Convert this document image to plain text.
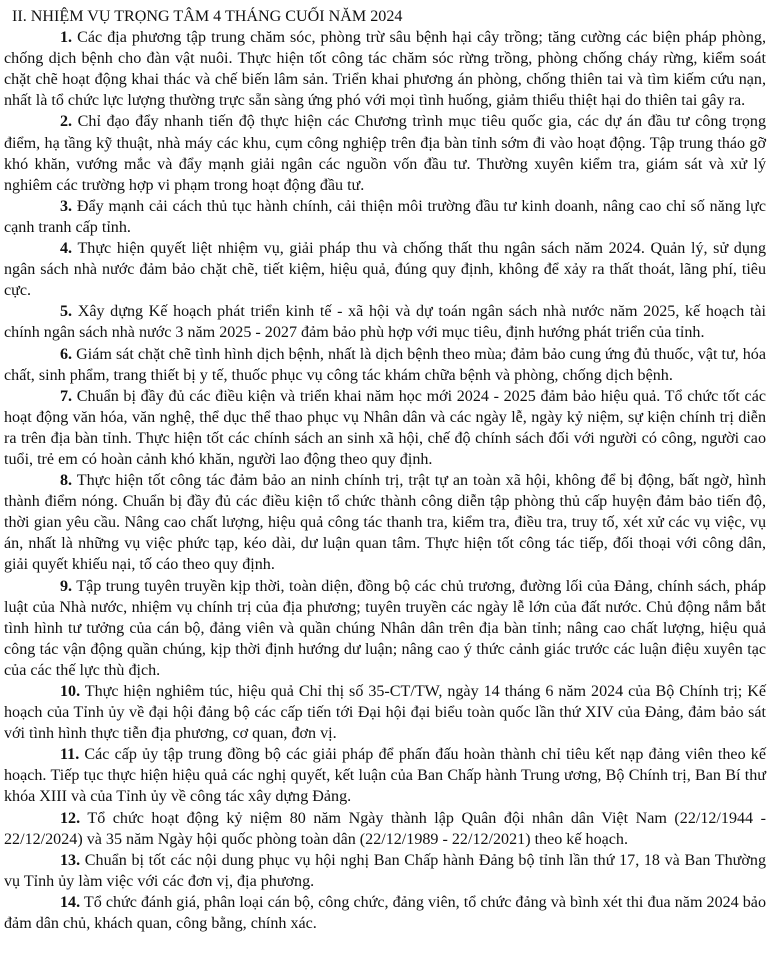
II. NHIỆM VỤ TRỌNG TÂM 4 THÁNG CUỐI NĂM 2024

1. Các địa phương tập trung chăm sóc, phòng trừ sâu bệnh hại cây trồng; tăng cường các biện pháp phòng, chống dịch bệnh cho đàn vật nuôi. Thực hiện tốt công tác chăm sóc rừng trồng, phòng chống cháy rừng, kiểm soát chặt chẽ hoạt động khai thác và chế biến lâm sản. Triển khai phương án phòng, chống thiên tai và tìm kiếm cứu nạn, nhất là tổ chức lực lượng thường trực sẵn sàng ứng phó với mọi tình huống, giảm thiểu thiệt hại do thiên tai gây ra.

2. Chỉ đạo đẩy nhanh tiến độ thực hiện các Chương trình mục tiêu quốc gia, các dự án đầu tư công trọng điểm, hạ tầng kỹ thuật, nhà máy các khu, cụm công nghiệp trên địa bàn tỉnh sớm đi vào hoạt động. Tập trung tháo gỡ khó khăn, vướng mắc và đẩy mạnh giải ngân các nguồn vốn đầu tư. Thường xuyên kiểm tra, giám sát và xử lý nghiêm các trường hợp vi phạm trong hoạt động đầu tư.

3. Đẩy mạnh cải cách thủ tục hành chính, cải thiện môi trường đầu tư kinh doanh, nâng cao chỉ số năng lực cạnh tranh cấp tỉnh.

4. Thực hiện quyết liệt nhiệm vụ, giải pháp thu và chống thất thu ngân sách năm 2024. Quản lý, sử dụng ngân sách nhà nước đảm bảo chặt chẽ, tiết kiệm, hiệu quả, đúng quy định, không để xảy ra thất thoát, lãng phí, tiêu cực.

5. Xây dựng Kế hoạch phát triển kinh tế - xã hội và dự toán ngân sách nhà nước năm 2025, kế hoạch tài chính ngân sách nhà nước 3 năm 2025 - 2027 đảm bảo phù hợp với mục tiêu, định hướng phát triển của tỉnh.

6. Giám sát chặt chẽ tình hình dịch bệnh, nhất là dịch bệnh theo mùa; đảm bảo cung ứng đủ thuốc, vật tư, hóa chất, sinh phẩm, trang thiết bị y tế, thuốc phục vụ công tác khám chữa bệnh và phòng, chống dịch bệnh.

7. Chuẩn bị đầy đủ các điều kiện và triển khai năm học mới 2024 - 2025 đảm bảo hiệu quả. Tổ chức tốt các hoạt động văn hóa, văn nghệ, thể dục thể thao phục vụ Nhân dân và các ngày lễ, ngày kỷ niệm, sự kiện chính trị diễn ra trên địa bàn tỉnh. Thực hiện tốt các chính sách an sinh xã hội, chế độ chính sách đối với người có công, người cao tuổi, trẻ em có hoàn cảnh khó khăn, người lao động theo quy định.

8. Thực hiện tốt công tác đảm bảo an ninh chính trị, trật tự an toàn xã hội, không để bị động, bất ngờ, hình thành điểm nóng. Chuẩn bị đầy đủ các điều kiện tổ chức thành công diễn tập phòng thủ cấp huyện đảm bảo tiến độ, thời gian yêu cầu. Nâng cao chất lượng, hiệu quả công tác thanh tra, kiểm tra, điều tra, truy tố, xét xử các vụ việc, vụ án, nhất là những vụ việc phức tạp, kéo dài, dư luận quan tâm. Thực hiện tốt công tác tiếp, đối thoại với công dân, giải quyết khiếu nại, tố cáo theo quy định.

9. Tập trung tuyên truyền kịp thời, toàn diện, đồng bộ các chủ trương, đường lối của Đảng, chính sách, pháp luật của Nhà nước, nhiệm vụ chính trị của địa phương; tuyên truyền các ngày lễ lớn của đất nước. Chủ động nắm bắt tình hình tư tưởng của cán bộ, đảng viên và quần chúng Nhân dân trên địa bàn tỉnh; nâng cao chất lượng, hiệu quả công tác vận động quần chúng, kịp thời định hướng dư luận; nâng cao ý thức cảnh giác trước các luận điệu xuyên tạc của các thế lực thù địch.

10. Thực hiện nghiêm túc, hiệu quả Chỉ thị số 35-CT/TW, ngày 14 tháng 6 năm 2024 của Bộ Chính trị; Kế hoạch của Tỉnh ủy về đại hội đảng bộ các cấp tiến tới Đại hội đại biểu toàn quốc lần thứ XIV của Đảng, đảm bảo sát với tình hình thực tiễn địa phương, cơ quan, đơn vị.

11. Các cấp ủy tập trung đồng bộ các giải pháp để phấn đấu hoàn thành chỉ tiêu kết nạp đảng viên theo kế hoạch. Tiếp tục thực hiện hiệu quả các nghị quyết, kết luận của Ban Chấp hành Trung ương, Bộ Chính trị, Ban Bí thư khóa XIII và của Tỉnh ủy về công tác xây dựng Đảng.

12. Tổ chức hoạt động kỷ niệm 80 năm Ngày thành lập Quân đội nhân dân Việt Nam (22/12/1944 - 22/12/2024) và 35 năm Ngày hội quốc phòng toàn dân (22/12/1989 - 22/12/2021) theo kế hoạch.

13. Chuẩn bị tốt các nội dung phục vụ hội nghị Ban Chấp hành Đảng bộ tỉnh lần thứ 17, 18 và Ban Thường vụ Tỉnh ủy làm việc với các đơn vị, địa phương.

14. Tổ chức đánh giá, phân loại cán bộ, công chức, đảng viên, tổ chức đảng và bình xét thi đua năm 2024 bảo đảm dân chủ, khách quan, công bằng, chính xác.
